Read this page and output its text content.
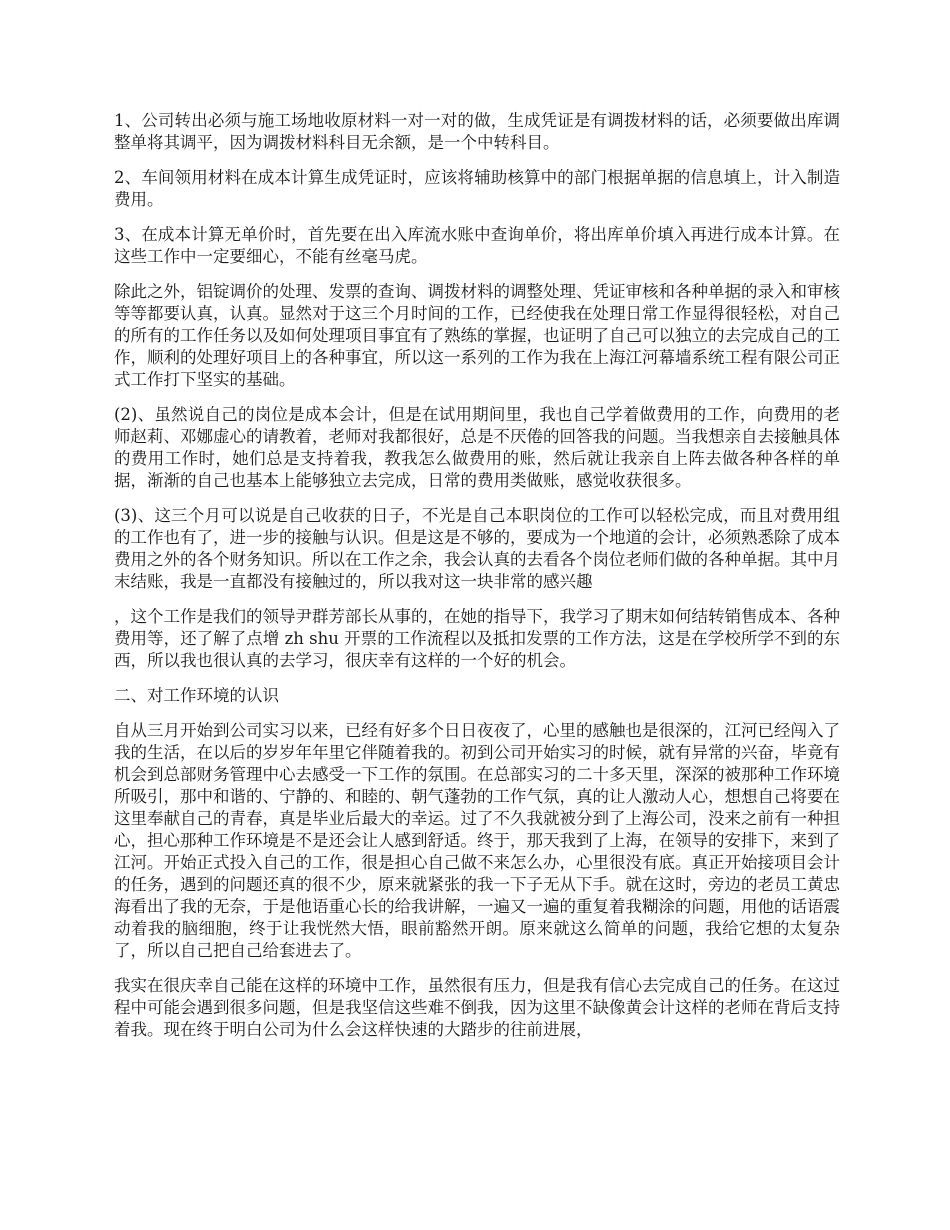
1、公司转出必须与施工场地收原材料一对一对的做，生成凭证是有调拨材料的话，必须要做出库调整单将其调平，因为调拨材料科目无余额，是一个中转科目。

2、车间领用材料在成本计算生成凭证时，应该将辅助核算中的部门根据单据的信息填上，计入制造费用。

3、在成本计算无单价时，首先要在出入库流水账中查询单价，将出库单价填入再进行成本计算。在这些工作中一定要细心，不能有丝毫马虎。

除此之外，铝锭调价的处理、发票的查询、调拨材料的调整处理、凭证审核和各种单据的录入和审核等等都要认真，认真。显然对于这三个月时间的工作，已经使我在处理日常工作显得很轻松，对自己的所有的工作任务以及如何处理项目事宜有了熟练的掌握，也证明了自己可以独立的去完成自己的工作，顺利的处理好项目上的各种事宜，所以这一系列的工作为我在上海江河幕墙系统工程有限公司正式工作打下坚实的基础。

(2)、虽然说自己的岗位是成本会计，但是在试用期间里，我也自己学着做费用的工作，向费用的老师赵莉、邓娜虚心的请教着，老师对我都很好，总是不厌倦的回答我的问题。当我想亲自去接触具体的费用工作时，她们总是支持着我，教我怎么做费用的账，然后就让我亲自上阵去做各种各样的单据，渐渐的自己也基本上能够独立去完成，日常的费用类做账，感觉收获很多。

(3)、这三个月可以说是自己收获的日子，不光是自己本职岗位的工作可以轻松完成，而且对费用组的工作也有了，进一步的接触与认识。但是这是不够的，要成为一个地道的会计，必须熟悉除了成本费用之外的各个财务知识。所以在工作之余，我会认真的去看各个岗位老师们做的各种单据。其中月末结账，我是一直都没有接触过的，所以我对这一块非常的感兴趣

，这个工作是我们的领导尹群芳部长从事的，在她的指导下，我学习了期末如何结转销售成本、各种费用等，还了解了点增 zh shu 开票的工作流程以及抵扣发票的工作方法，这是在学校所学不到的东西，所以我也很认真的去学习，很庆幸有这样的一个好的机会。

二、对工作环境的认识

自从三月开始到公司实习以来，已经有好多个日日夜夜了，心里的感触也是很深的，江河已经闯入了我的生活，在以后的岁岁年年里它伴随着我的。初到公司开始实习的时候，就有异常的兴奋，毕竟有机会到总部财务管理中心去感受一下工作的氛围。在总部实习的二十多天里，深深的被那种工作环境所吸引，那中和谐的、宁静的、和睦的、朝气蓬勃的工作气氛，真的让人激动人心，想想自己将要在这里奉献自己的青春，真是毕业后最大的幸运。过了不久我就被分到了上海公司，没来之前有一种担心，担心那种工作环境是不是还会让人感到舒适。终于，那天我到了上海，在领导的安排下，来到了江河。开始正式投入自己的工作，很是担心自己做不来怎么办，心里很没有底。真正开始接项目会计的任务，遇到的问题还真的很不少，原来就紧张的我一下子无从下手。就在这时，旁边的老员工黄忠海看出了我的无奈，于是他语重心长的给我讲解，一遍又一遍的重复着我糊涂的问题，用他的话语震动着我的脑细胞，终于让我恍然大悟，眼前豁然开朗。原来就这么简单的问题，我给它想的太复杂了，所以自己把自己给套进去了。

我实在很庆幸自己能在这样的环境中工作，虽然很有压力，但是我有信心去完成自己的任务。在这过程中可能会遇到很多问题，但是我坚信这些难不倒我，因为这里不缺像黄会计这样的老师在背后支持着我。现在终于明白公司为什么会这样快速的大踏步的往前进展，
